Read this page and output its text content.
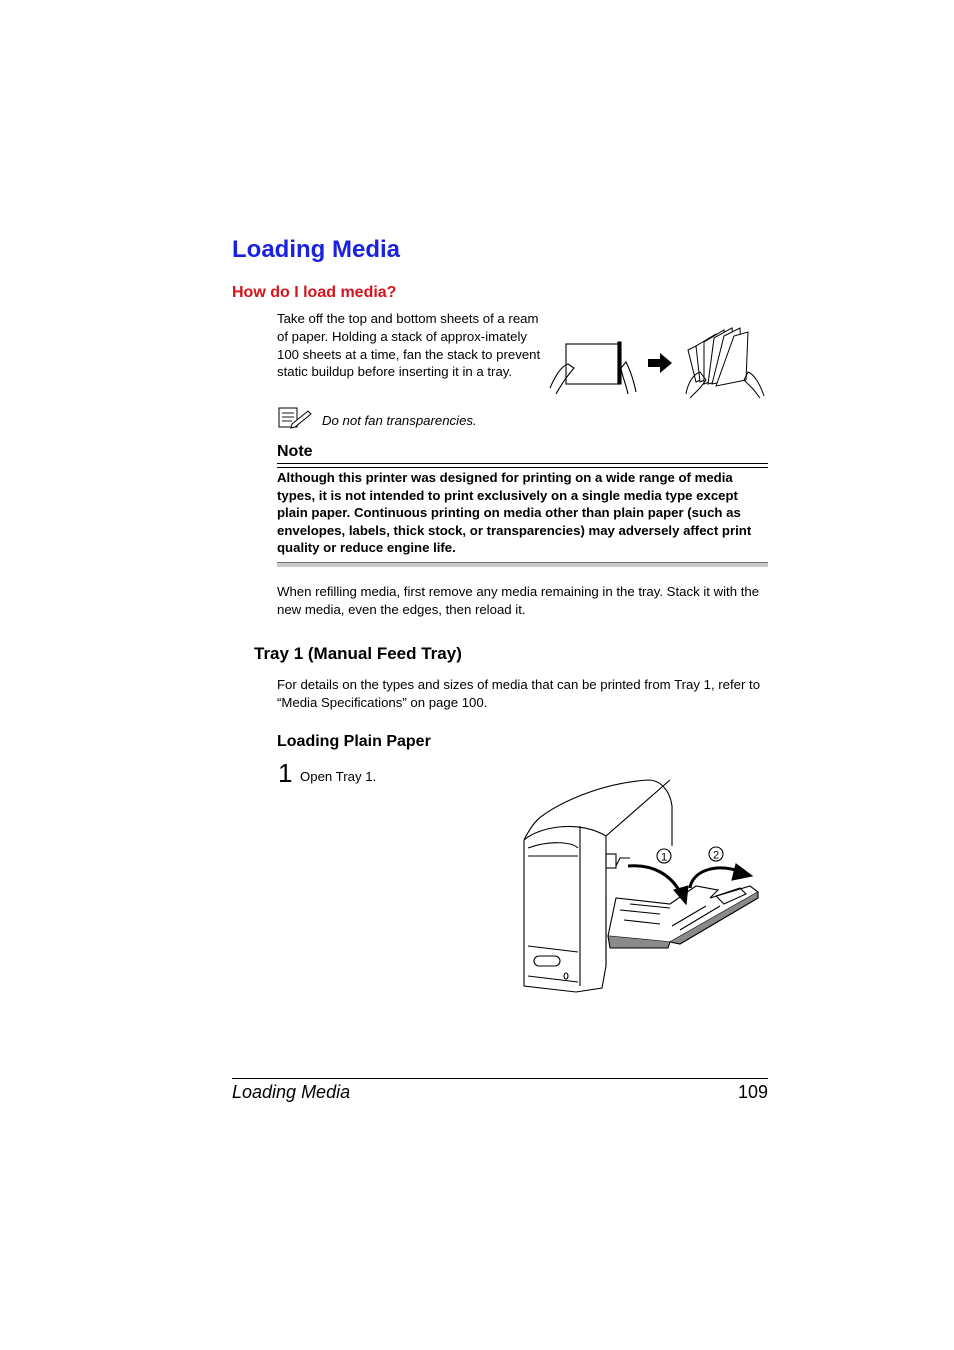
Loading Media
How do I load media?
Take off the top and bottom sheets of a ream of paper. Holding a stack of approx-imately 100 sheets at a time, fan the stack to prevent static buildup before inserting it in a tray.
Do not fan transparencies.
Note
Although this printer was designed for printing on a wide range of media types, it is not intended to print exclusively on a single media type except plain paper. Continuous printing on media other than plain paper (such as envelopes, labels, thick stock, or transparencies) may adversely affect print quality or reduce engine life.
When refilling media, first remove any media remaining in the tray. Stack it with the new media, even the edges, then reload it.
Tray 1 (Manual Feed Tray)
For details on the types and sizes of media that can be printed from Tray 1, refer to “Media Specifications” on page 100.
Loading Plain Paper
1 Open Tray 1.
1	2
Loading Media	109
